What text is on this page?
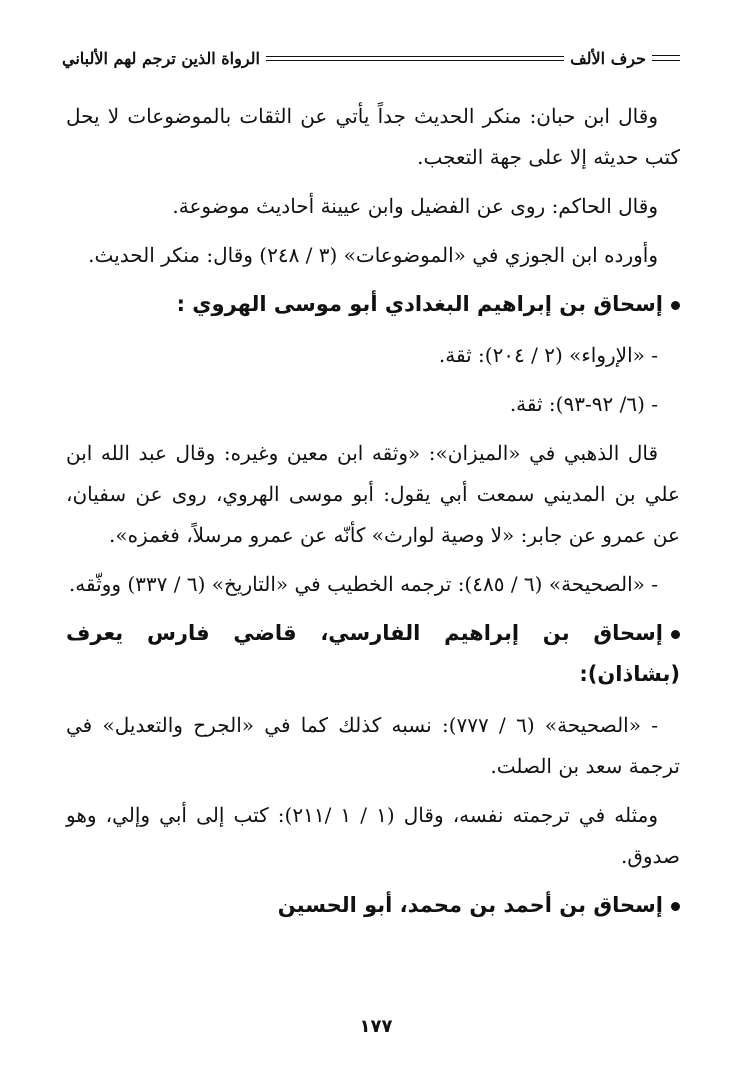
حرف الألف
الرواة الذين ترجم لهم الألباني

وقال ابن حبان: منكر الحديث جداً يأتي عن الثقات بالموضوعات لا يحل كتب حديثه إلا على جهة التعجب.

وقال الحاكم: روى عن الفضيل وابن عيينة أحاديث موضوعة.

وأورده ابن الجوزي في «الموضوعات» (٣ / ٢٤٨) وقال: منكر الحديث.

إسحاق بن إبراهيم البغدادي أبو موسى الهروي :

- «الإرواء» (٢ / ٢٠٤): ثقة.

- (٦/ ٩٢-٩٣): ثقة.

قال الذهبي في «الميزان»: «وثقه ابن معين وغيره: وقال عبد الله ابن علي بن المديني سمعت أبي يقول: أبو موسى الهروي، روى عن سفيان، عن عمرو عن جابر: «لا وصية لوارث» كأنّه عن عمرو مرسلاً، فغمزه».

- «الصحيحة» (٦ / ٤٨٥): ترجمه الخطيب في «التاريخ» (٦ / ٣٣٧) ووثّقه.

إسحاق بن إبراهيم الفارسي، قاضي فارس يعرف (بشاذان):

- «الصحيحة» (٦ / ٧٧٧): نسبه كذلك كما في «الجرح والتعديل» في ترجمة سعد بن الصلت.

ومثله في ترجمته نفسه، وقال (١ / ١ /٢١١): كتب إلى أبي وإلي، وهو صدوق.

إسحاق بن أحمد بن محمد، أبو الحسين
١٧٧
